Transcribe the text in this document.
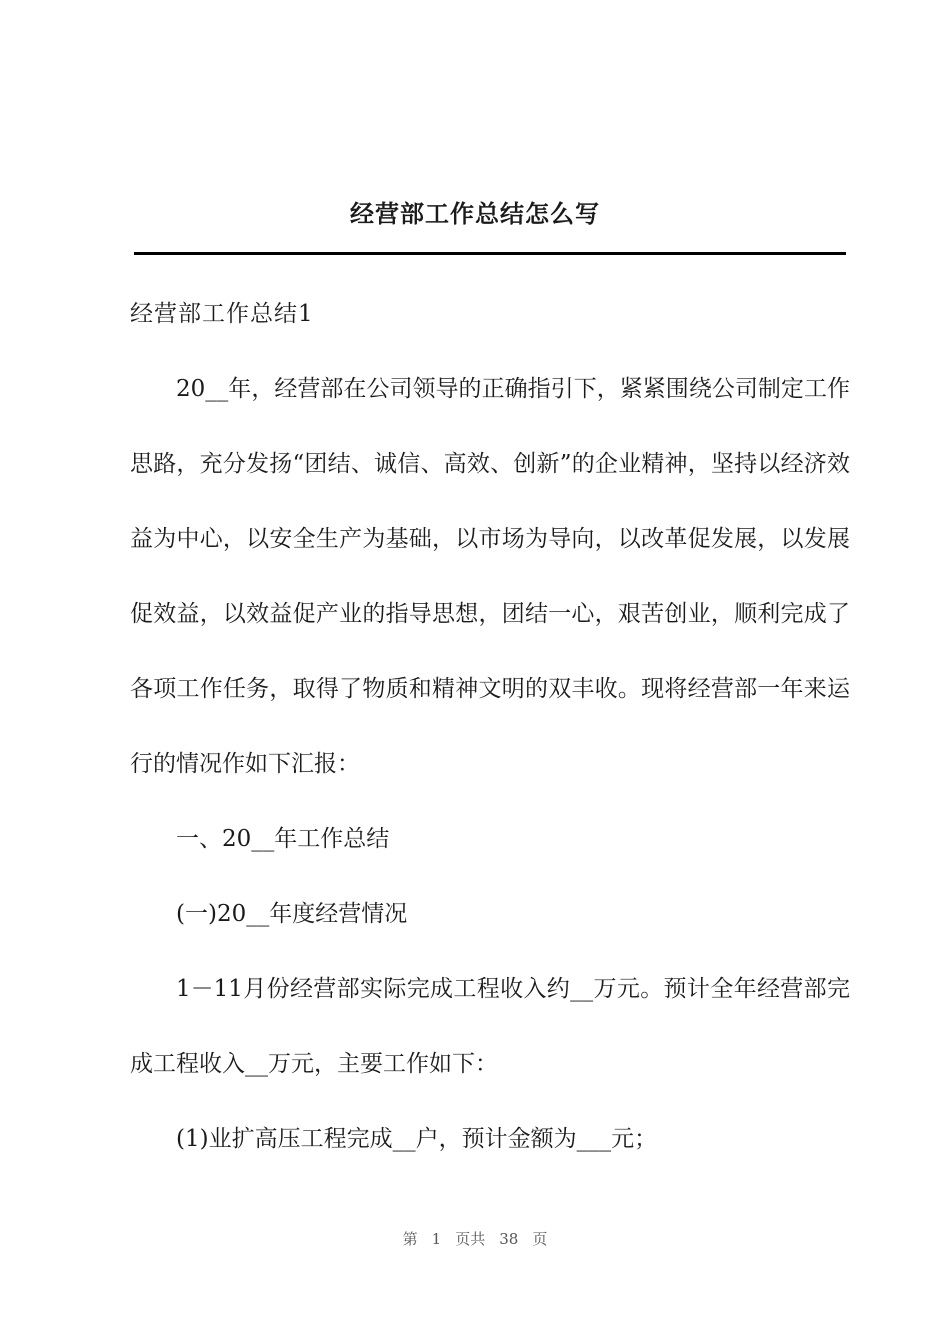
经营部工作总结怎么写

经营部工作总结1

20__年，经营部在公司领导的正确指引下，紧紧围绕公司制定工作思路，充分发扬“团结、诚信、高效、创新”的企业精神，坚持以经济效益为中心，以安全生产为基础，以市场为导向，以改革促发展，以发展促效益，以效益促产业的指导思想，团结一心，艰苦创业，顺利完成了各项工作任务，取得了物质和精神文明的双丰收。现将经营部一年来运行的情况作如下汇报：

一、20__年工作总结

(一)20__年度经营情况

1－11月份经营部实际完成工程收入约__万元。预计全年经营部完成工程收入__万元，主要工作如下：

(1)业扩高压工程完成__户，预计金额为___元；

第 1 页共 38 页
